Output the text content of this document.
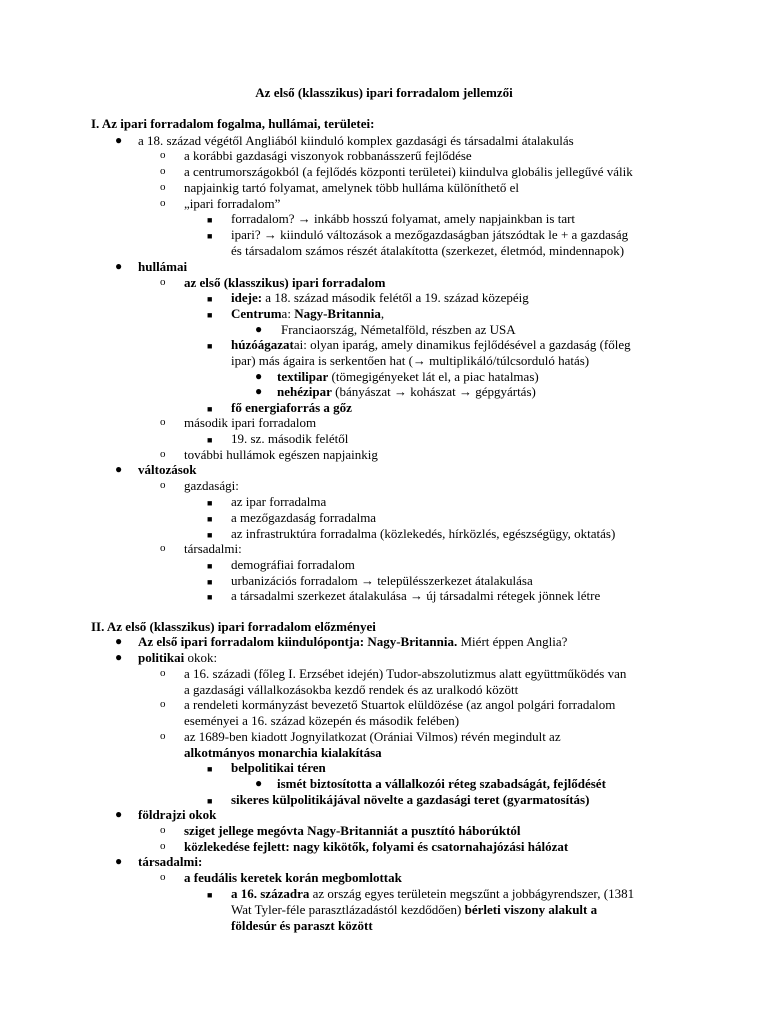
Az első (klasszikus) ipari forradalom jellemzői
I. Az ipari forradalom fogalma, hullámai, területei:
● a 18. század végétől Angliából kiinduló komplex gazdasági és társadalmi átalakulás
o a korábbi gazdasági viszonyok robbanásszerű fejlődése
o a centrumországokból (a fejlődés központi területei) kiindulva globális jellegűvé válik
o napjainkig tartó folyamat, amelynek több hulláma különíthető el
o „ipari forradalom”
■ forradalom? → inkább hosszú folyamat, amely napjainkban is tart
■ ipari? → kiinduló változások a mezőgazdaságban játszódtak le + a gazdaság
és társadalom számos részét átalakította (szerkezet, életmód, mindennapok)
● hullámai
o az első (klasszikus) ipari forradalom
■ ideje: a 18. század második felétől a 19. század közepéig
■ Centruma: Nagy-Britannia,
● Franciaország, Németalföld, részben az USA
■ húzóágazatai: olyan iparág, amely dinamikus fejlődésével a gazdaság (főleg
ipar) más ágaira is serkentően hat (→ multiplikáló/túlcsorduló hatás)
● textilipar (tömegigényeket lát el, a piac hatalmas)
● nehézipar (bányászat → kohászat → gépgyártás)
■ fő energiaforrás a gőz
o második ipari forradalom
■ 19. sz. második felétől
o további hullámok egészen napjainkig
● változások
o gazdasági:
■ az ipar forradalma
■ a mezőgazdaság forradalma
■ az infrastruktúra forradalma (közlekedés, hírközlés, egészségügy, oktatás)
o társadalmi:
■ demográfiai forradalom
■ urbanizációs forradalom → településszerkezet átalakulása
■ a társadalmi szerkezet átalakulása → új társadalmi rétegek jönnek létre
II. Az első (klasszikus) ipari forradalom előzményei
● Az első ipari forradalom kiindulópontja: Nagy-Britannia. Miért éppen Anglia?
● politikai okok:
o a 16. századi (főleg I. Erzsébet idején) Tudor-abszolutizmus alatt együttműködés van
a gazdasági vállalkozásokba kezdő rendek és az uralkodó között
o a rendeleti kormányzást bevezető Stuartok elüldözése (az angol polgári forradalom
eseményei a 16. század közepén és második felében)
o az 1689-ben kiadott Jognyilatkozat (Orániai Vilmos) révén megindult az
alkotmányos monarchia kialakítása
■ belpolitikai téren
● ismét biztosította a vállalkozói réteg szabadságát, fejlődését
■ sikeres külpolitikájával növelte a gazdasági teret (gyarmatosítás)
● földrajzi okok
o sziget jellege megóvta Nagy-Britanniát a pusztító háborúktól
o közlekedése fejlett: nagy kikötők, folyami és csatornahajózási hálózat
● társadalmi:
o a feudális keretek korán megbomlottak
■ a 16. századra az ország egyes területein megszűnt a jobbágyrendszer, (1381
Wat Tyler-féle parasztlázadástól kezdődően) bérleti viszony alakult a
földesúr és paraszt között
